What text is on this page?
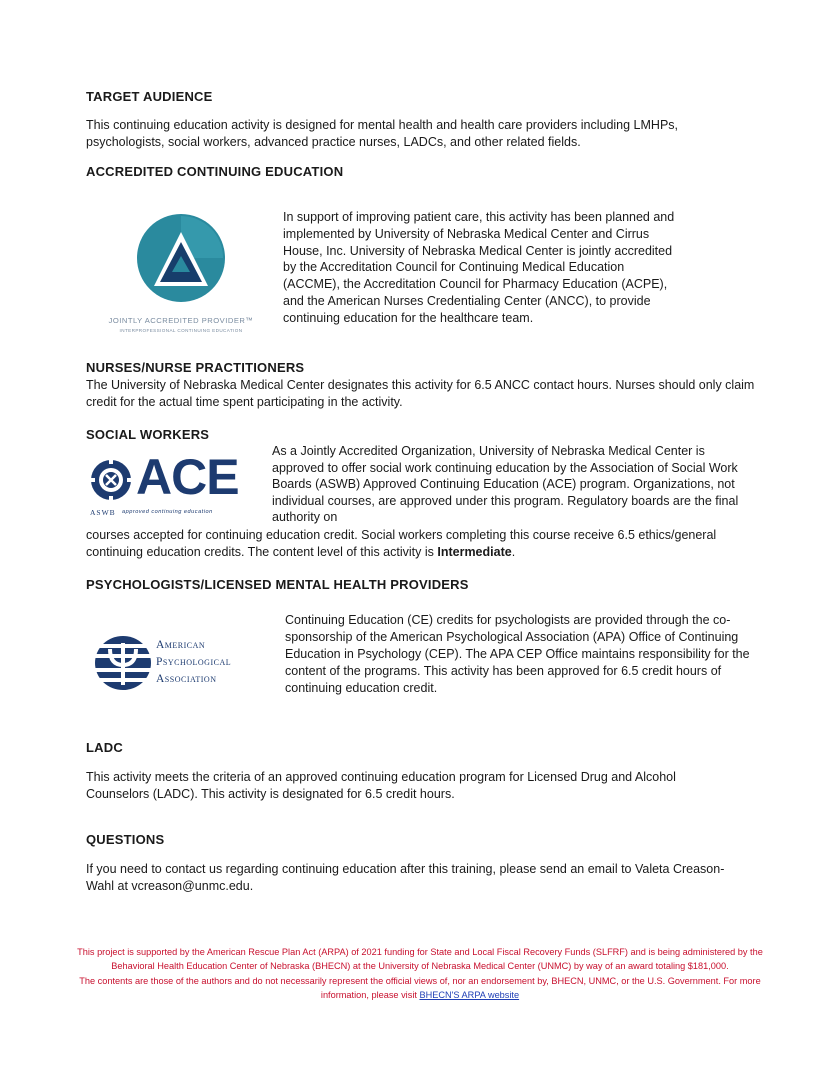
TARGET AUDIENCE

This continuing education activity is designed for mental health and health care providers including LMHPs, psychologists, social workers, advanced practice nurses, LADCs, and other related fields.

ACCREDITED CONTINUING EDUCATION
JOINTLY ACCREDITED PROVIDER™
INTERPROFESSIONAL CONTINUING EDUCATION

In support of improving patient care, this activity has been planned and implemented by University of Nebraska Medical Center and Cirrus House, Inc. University of Nebraska Medical Center is jointly accredited by the Accreditation Council for Continuing Medical Education (ACCME), the Accreditation Council for Pharmacy Education (ACPE), and the American Nurses Credentialing Center (ANCC), to provide continuing education for the healthcare team.

NURSES/NURSE PRACTITIONERS

The University of Nebraska Medical Center designates this activity for 6.5 ANCC contact hours. Nurses should only claim credit for the actual time spent participating in the activity.

SOCIAL WORKERS
ACE
ASWB approved continuing education

As a Jointly Accredited Organization, University of Nebraska Medical Center is approved to offer social work continuing education by the Association of Social Work Boards (ASWB) Approved Continuing Education (ACE) program. Organizations, not individual courses, are approved under this program. Regulatory boards are the final authority on

courses accepted for continuing education credit. Social workers completing this course receive 6.5 ethics/general continuing education credits. The content level of this activity is Intermediate.

PSYCHOLOGISTS/LICENSED MENTAL HEALTH PROVIDERS
American
Psychological
Association

Continuing Education (CE) credits for psychologists are provided through the co-sponsorship of the American Psychological Association (APA) Office of Continuing Education in Psychology (CEP). The APA CEP Office maintains responsibility for the content of the programs. This activity has been approved for 6.5 credit hours of continuing education credit.

LADC

This activity meets the criteria of an approved continuing education program for Licensed Drug and Alcohol Counselors (LADC). This activity is designated for 6.5 credit hours.

QUESTIONS

If you need to contact us regarding continuing education after this training, please send an email to Valeta Creason-Wahl at vcreason@unmc.edu.

This project is supported by the American Rescue Plan Act (ARPA) of 2021 funding for State and Local Fiscal Recovery Funds (SLFRF) and is being administered by the Behavioral Health Education Center of Nebraska (BHECN) at the University of Nebraska Medical Center (UNMC) by way of an award totaling $181,000.
The contents are those of the authors and do not necessarily represent the official views of, nor an endorsement by, BHECN, UNMC, or the U.S. Government. For more information, please visit BHECN'S ARPA website
